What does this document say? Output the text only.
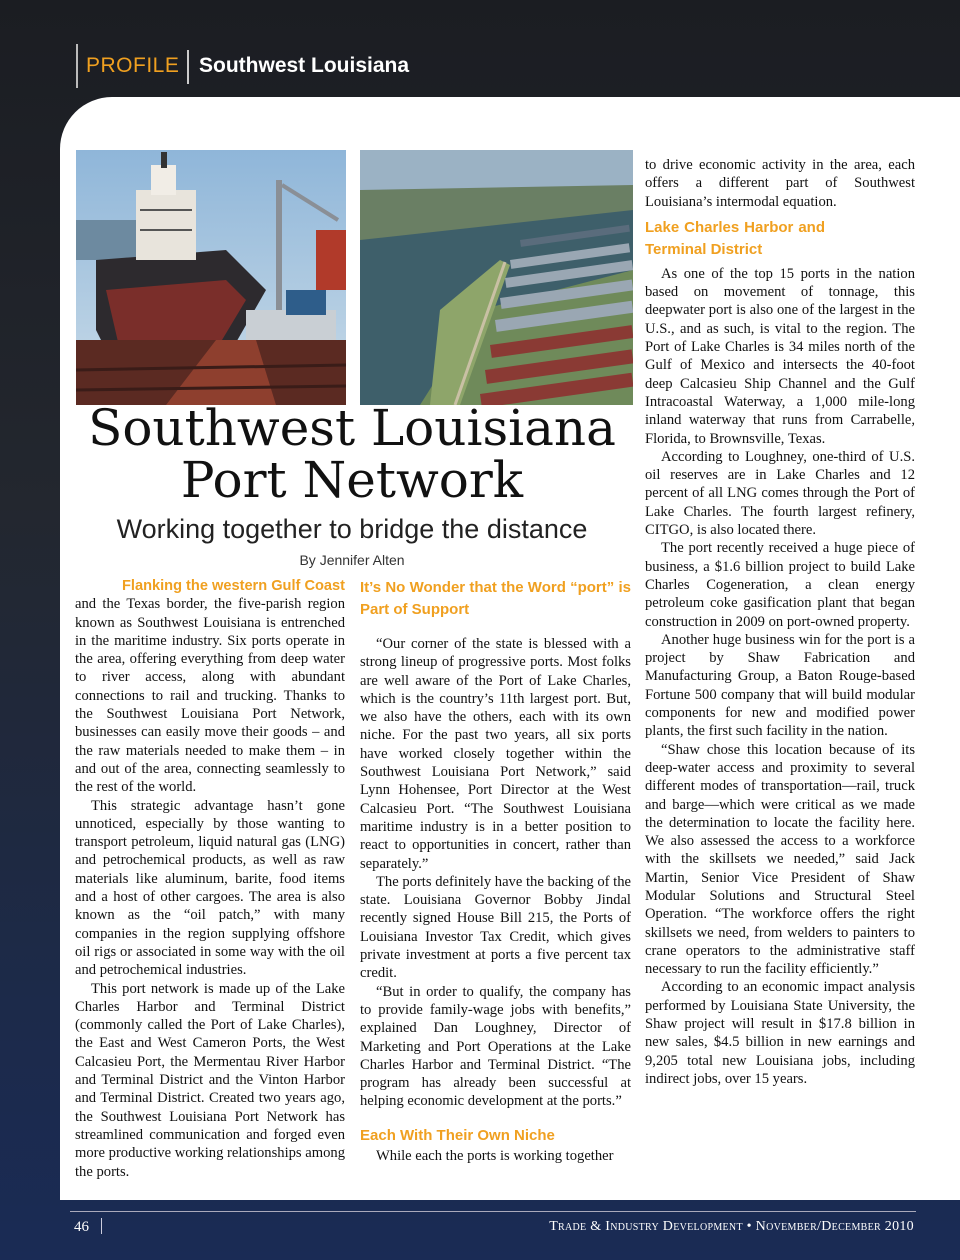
PROFILE Southwest Louisiana
Southwest Louisiana
Port Network
Working together to bridge the distance
By Jennifer Alten

Flanking the western Gulf Coast
and the Texas border, the five-parish region known as Southwest Louisiana is entrenched in the maritime industry. Six ports operate in the area, offering everything from deep water to river access, along with abundant connections to rail and trucking. Thanks to the Southwest Louisiana Port Network, businesses can easily move their goods – and the raw materials needed to make them – in and out of the area, connecting seamlessly to the rest of the world.

This strategic advantage hasn’t gone unnoticed, especially by those wanting to transport petroleum, liquid natural gas (LNG) and petrochemical products, as well as raw materials like aluminum, barite, food items and a host of other cargoes. The area is also known as the “oil patch,” with many companies in the region supplying offshore oil rigs or associated in some way with the oil and petrochemical industries.

This port network is made up of the Lake Charles Harbor and Terminal District (commonly called the Port of Lake Charles), the East and West Cameron Ports, the West Calcasieu Port, the Mermentau River Harbor and Terminal District and the Vinton Harbor and Terminal District. Created two years ago, the Southwest Louisiana Port Network has streamlined communication and forged even more productive working relationships among the ports.

It’s No Wonder that the Word “port” is Part of Support

“Our corner of the state is blessed with a strong lineup of progressive ports. Most folks are well aware of the Port of Lake Charles, which is the country’s 11th largest port. But, we also have the others, each with its own niche. For the past two years, all six ports have worked closely together within the Southwest Louisiana Port Network,” said Lynn Hohensee, Port Director at the West Calcasieu Port. “The Southwest Louisiana maritime industry is in a better position to react to opportunities in concert, rather than separately.”

The ports definitely have the backing of the state. Louisiana Governor Bobby Jindal recently signed House Bill 215, the Ports of Louisiana Investor Tax Credit, which gives private investment at ports a five percent tax credit.

“But in order to qualify, the company has to provide family-wage jobs with benefits,” explained Dan Loughney, Director of Marketing and Port Operations at the Lake Charles Harbor and Terminal District. “The program has already been successful at helping economic development at the ports.”

Each With Their Own Niche

While each the ports is working together

to drive economic activity in the area, each offers a different part of Southwest Louisiana’s intermodal equation.

Lake Charles Harbor and Terminal District

As one of the top 15 ports in the nation based on movement of tonnage, this deepwater port is also one of the largest in the U.S., and as such, is vital to the region. The Port of Lake Charles is 34 miles north of the Gulf of Mexico and intersects the 40-foot deep Calcasieu Ship Channel and the Gulf Intracoastal Waterway, a 1,000 mile-long inland waterway that runs from Carrabelle, Florida, to Brownsville, Texas.

According to Loughney, one-third of U.S. oil reserves are in Lake Charles and 12 percent of all LNG comes through the Port of Lake Charles. The fourth largest refinery, CITGO, is also located there.

The port recently received a huge piece of business, a $1.6 billion project to build Lake Charles Cogeneration, a clean energy petroleum coke gasification plant that began construction in 2009 on port-owned property.

Another huge business win for the port is a project by Shaw Fabrication and Manufacturing Group, a Baton Rouge-based Fortune 500 company that will build modular components for new and modified power plants, the first such facility in the nation.

“Shaw chose this location because of its deep-water access and proximity to several different modes of transportation—rail, truck and barge—which were critical as we made the determination to locate the facility here. We also assessed the access to a workforce with the skillsets we needed,” said Jack Martin, Senior Vice President of Shaw Modular Solutions and Structural Steel Operation. “The workforce offers the right skillsets we need, from welders to painters to crane operators to the administrative staff necessary to run the facility efficiently.”

According to an economic impact analysis performed by Louisiana State University, the Shaw project will result in $17.8 billion in new sales, $4.5 billion in new earnings and 9,205 total new Louisiana jobs, including indirect jobs, over 15 years.

46	Trade & Industry Development • November/December 2010
